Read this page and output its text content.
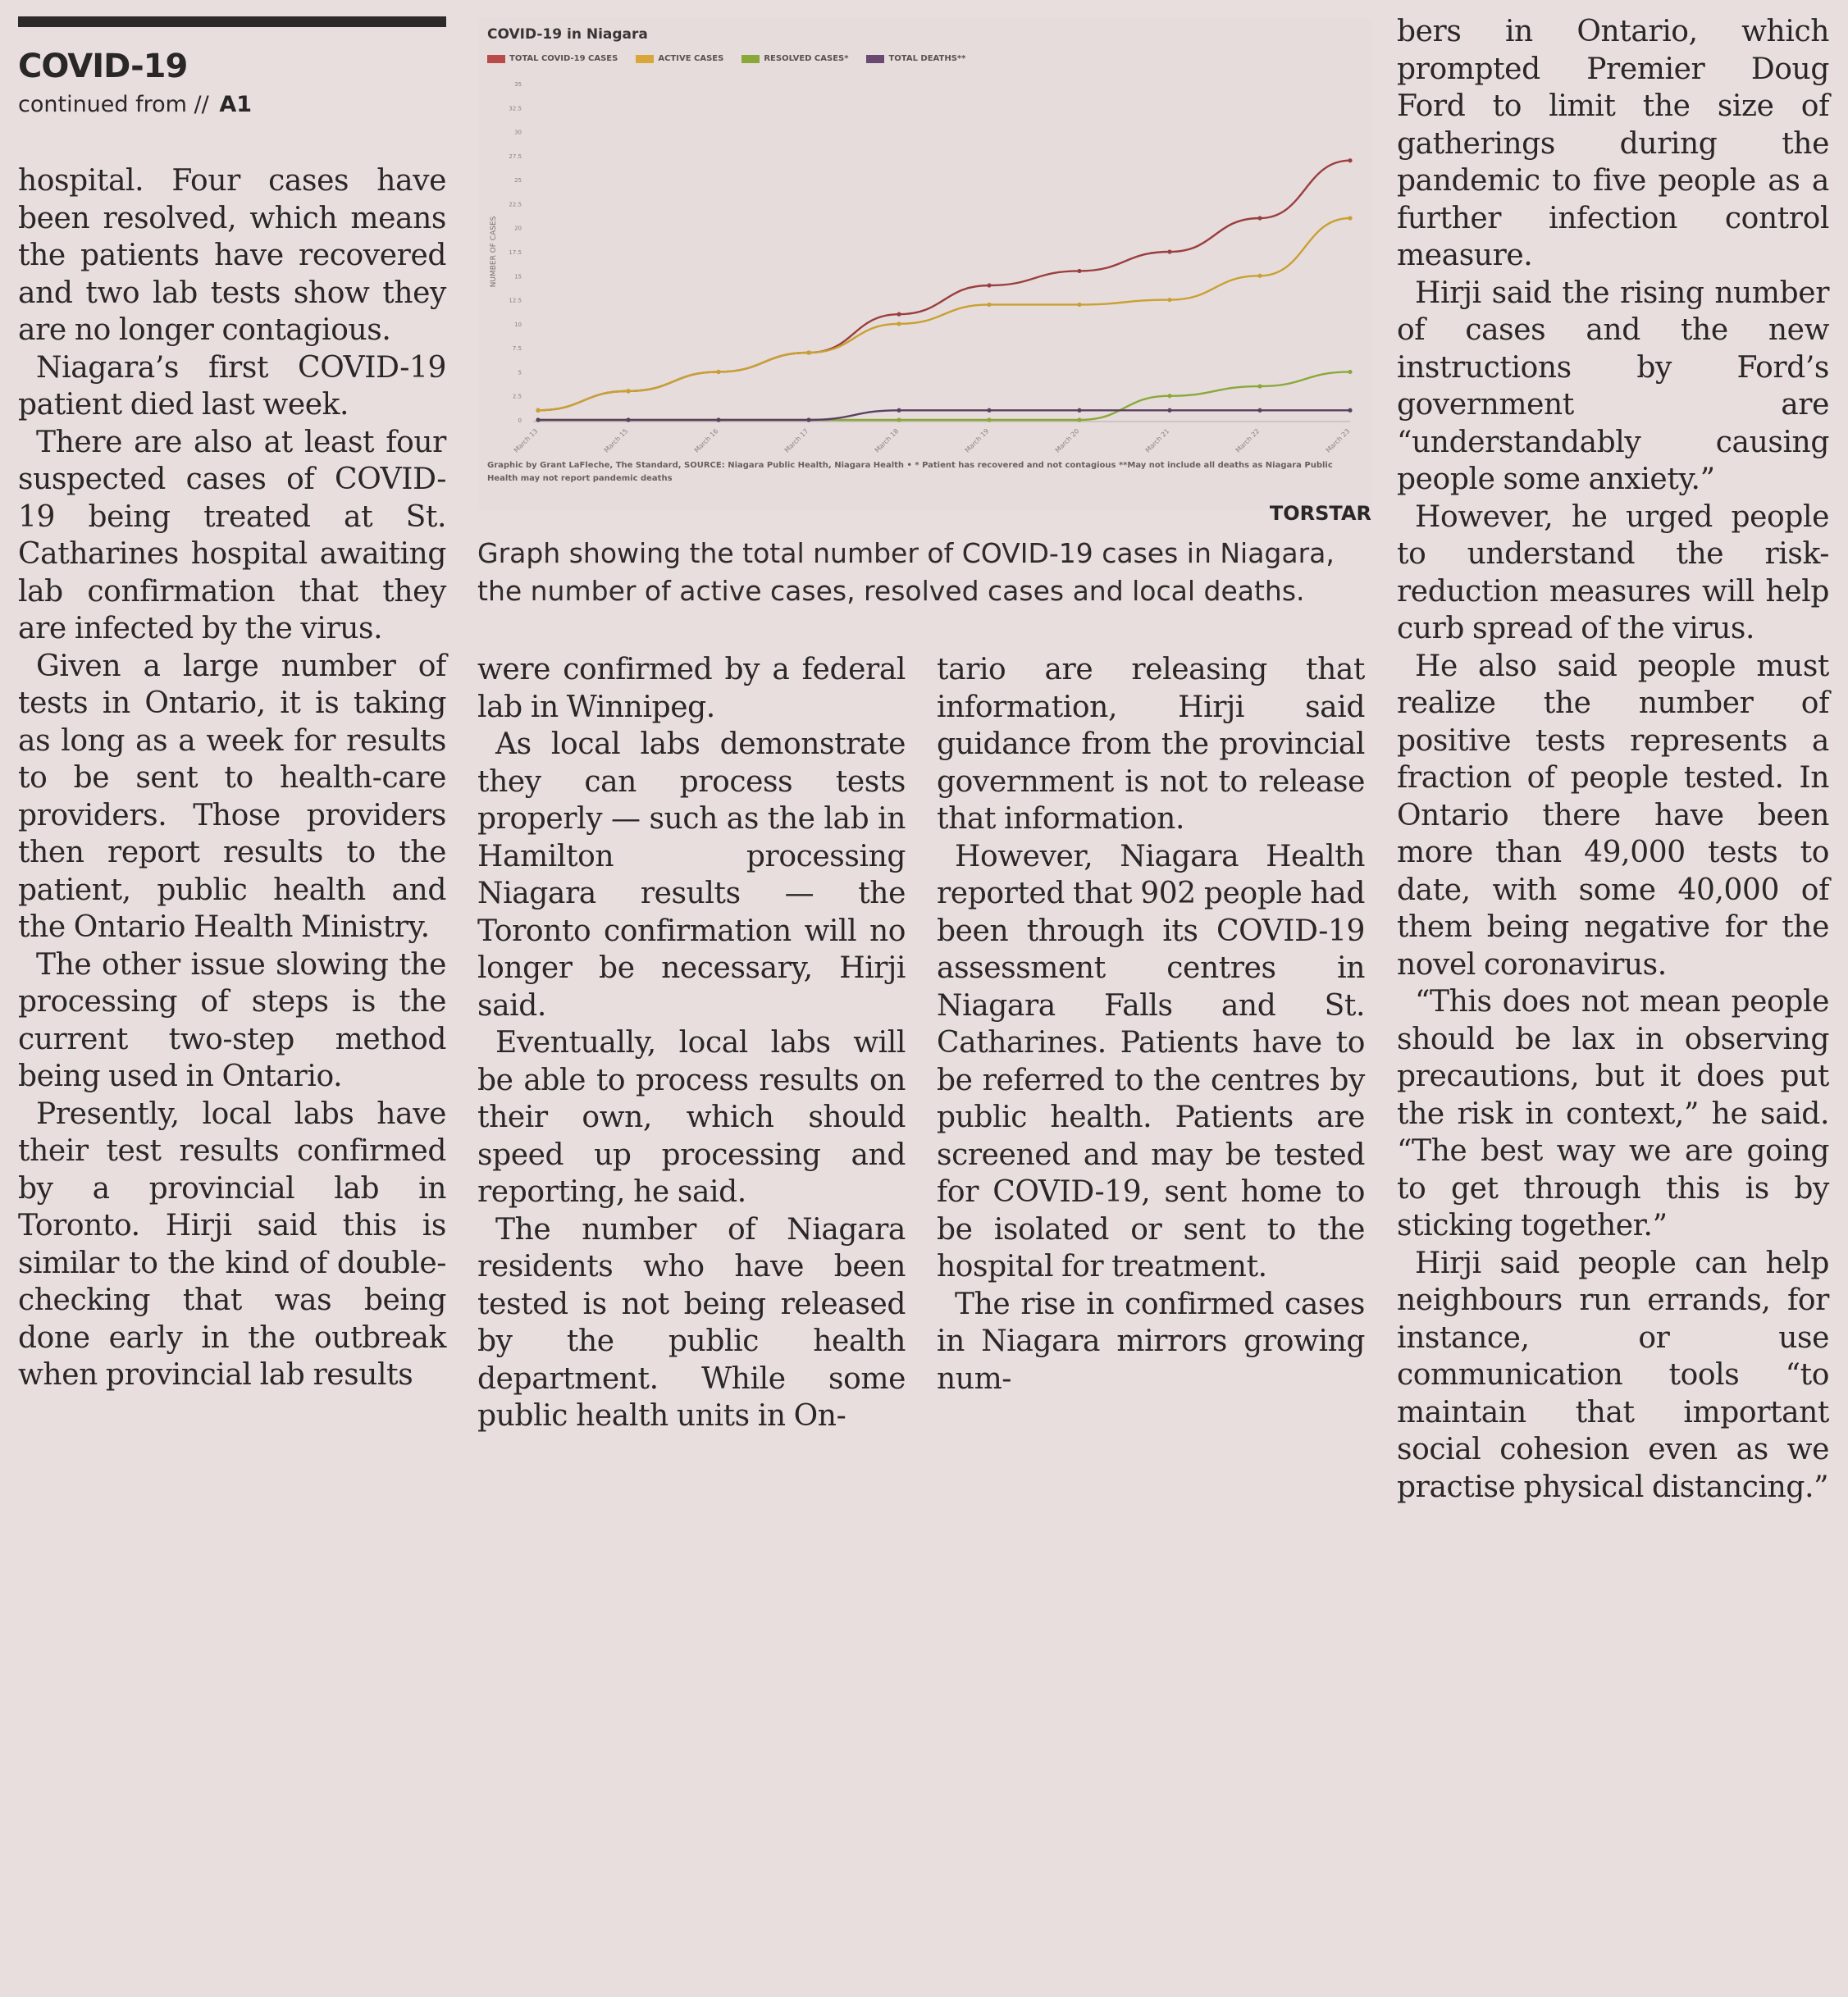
COVID-19
continued from // A1

hospital. Four cases have been resolved, which means the patients have recovered and two lab tests show they are no longer contagious.

Niagara’s first COVID-19 patient died last week.

There are also at least four suspected cases of COVID-19 being treated at St. Catharines hospital awaiting lab confirmation that they are infected by the virus.

Given a large number of tests in Ontario, it is taking as long as a week for results to be sent to health-care providers. Those providers then report results to the patient, public health and the Ontario Health Ministry.

The other issue slowing the processing of steps is the current two-step method being used in Ontario.

Presently, local labs have their test results confirmed by a provincial lab in Toronto. Hirji said this is similar to the kind of double-checking that was being done early in the outbreak when provincial lab results

COVID-19 in Niagara
TOTAL COVID-19 CASES	ACTIVE CASES	RESOLVED CASES*	TOTAL DEATHS**
NUMBER OF CASES
0
2.5
5
7.5
10
12.5
15
17.5
20
22.5
25
27.5
30
32.5
35
March 13	March 15	March 16	March 17	March 18	March 19	March 20	March 21	March 22	March 23
Graphic by Grant LaFleche, The Standard, SOURCE: Niagara Public Health, Niagara Health • * Patient has recovered and not contagious **May not include all deaths as Niagara Public Health may not report pandemic deaths
TORSTAR
Graph showing the total number of COVID-19 cases in Niagara, the number of active cases, resolved cases and local deaths.

were confirmed by a federal lab in Winnipeg.

As local labs demonstrate they can process tests properly — such as the lab in Hamilton processing Niagara results — the Toronto confirmation will no longer be necessary, Hirji said.

Eventually, local labs will be able to process results on their own, which should speed up processing and reporting, he said.

The number of Niagara residents who have been tested is not being released by the public health department. While some public health units in On-

tario are releasing that information, Hirji said guidance from the provincial government is not to release that information.

However, Niagara Health reported that 902 people had been through its COVID-19 assessment centres in Niagara Falls and St. Catharines. Patients have to be referred to the centres by public health. Patients are screened and may be tested for COVID-19, sent home to be isolated or sent to the hospital for treatment.

The rise in confirmed cases in Niagara mirrors growing num-

bers in Ontario, which prompted Premier Doug Ford to limit the size of gatherings during the pandemic to five people as a further infection control measure.

Hirji said the rising number of cases and the new instructions by Ford’s government are “understandably causing people some anxiety.”

However, he urged people to understand the risk-reduction measures will help curb spread of the virus.

He also said people must realize the number of positive tests represents a fraction of people tested. In Ontario there have been more than 49,000 tests to date, with some 40,000 of them being negative for the novel coronavirus.

“This does not mean people should be lax in observing precautions, but it does put the risk in context,” he said. “The best way we are going to get through this is by sticking together.”

Hirji said people can help neighbours run errands, for instance, or use communication tools “to maintain that important social cohesion even as we practise physical distancing.”
